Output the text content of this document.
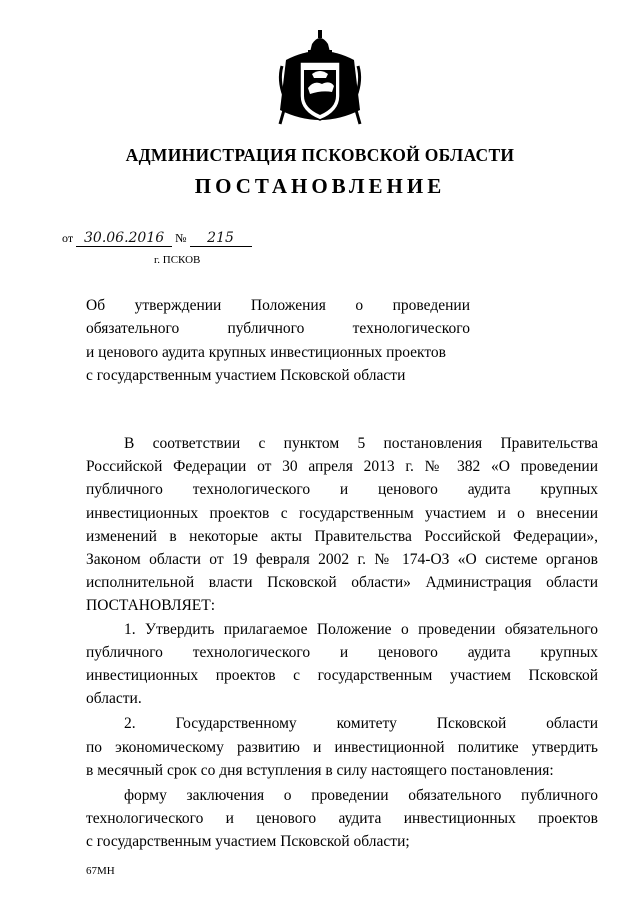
АДМИНИСТРАЦИЯ ПСКОВСКОЙ ОБЛАСТИ
ПОСТАНОВЛЕНИЕ
от 30.06.2016 № 215
г. ПСКОВ

Об утверждении Положения о проведении

обязательного публичного технологического

и ценового аудита крупных инвестиционных проектов

с государственным участием Псковской области

В соответствии с пунктом 5 постановления Правительства

Российской Федерации от 30 апреля 2013 г. № 382 «О проведении

публичного технологического и ценового аудита крупных

инвестиционных проектов с государственным участием и о внесении

изменений в некоторые акты Правительства Российской Федерации»,

Законом области от 19 февраля 2002 г. № 174-ОЗ «О системе органов

исполнительной власти Псковской области» Администрация области

ПОСТАНОВЛЯЕТ:

1. Утвердить прилагаемое Положение о проведении обязательного

публичного технологического и ценового аудита крупных

инвестиционных проектов с государственным участием Псковской

области.

2. Государственному комитету Псковской области

по экономическому развитию и инвестиционной политике утвердить

в месячный срок со дня вступления в силу настоящего постановления:

форму заключения о проведении обязательного публичного

технологического и ценового аудита инвестиционных проектов

с государственным участием Псковской области;

67МН
